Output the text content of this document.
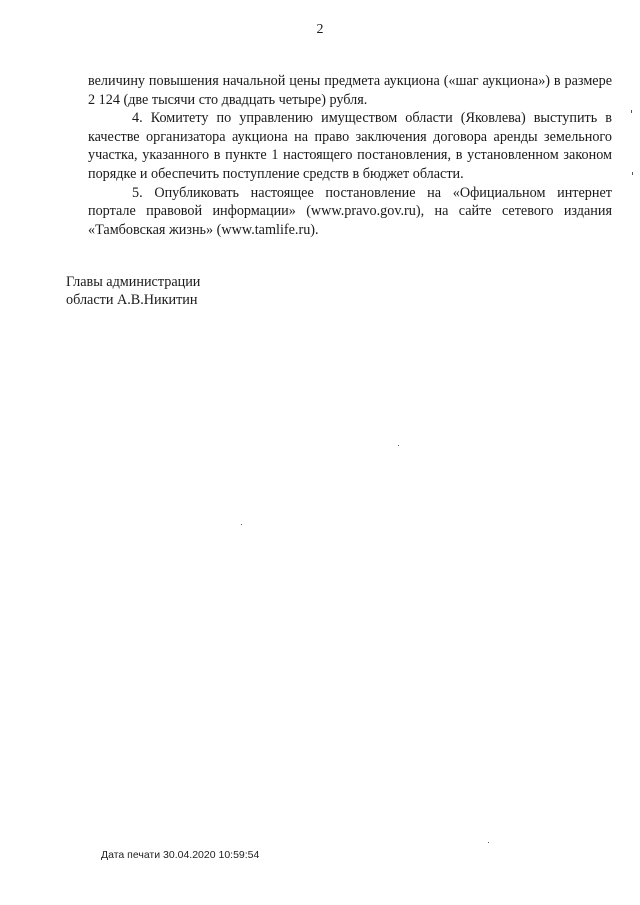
2

величину повышения начальной цены предмета аукциона («шаг аукциона») в размере 2 124 (две тысячи сто двадцать четыре) рубля.

4. Комитету по управлению имуществом области (Яковлева) выступить в качестве организатора аукциона на право заключения договора аренды земельного участка, указанного в пункте 1 настоящего постановления, в установленном законом порядке и обеспечить поступление средств в бюджет области.

5. Опубликовать настоящее постановление на «Официальном интернет портале правовой информации» (www.pravo.gov.ru), на сайте сетевого издания «Тамбовская жизнь» (www.tamlife.ru).

Главы администрации
области А.В.Никитин
Дата печати 30.04.2020 10:59:54
